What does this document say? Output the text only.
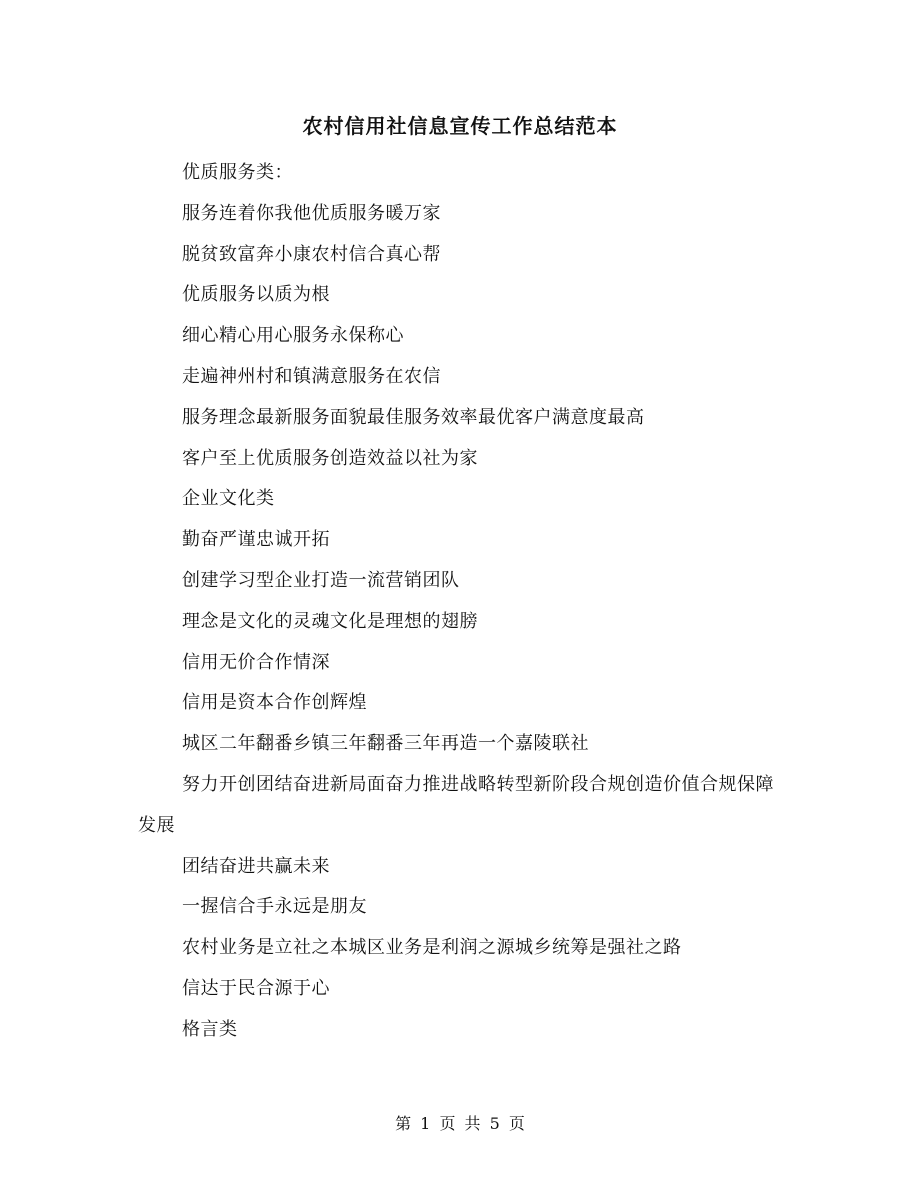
农村信用社信息宣传工作总结范本

优质服务类：

服务连着你我他优质服务暖万家

脱贫致富奔小康农村信合真心帮

优质服务以质为根

细心精心用心服务永保称心

走遍神州村和镇满意服务在农信

服务理念最新服务面貌最佳服务效率最优客户满意度最高

客户至上优质服务创造效益以社为家

企业文化类

勤奋严谨忠诚开拓

创建学习型企业打造一流营销团队

理念是文化的灵魂文化是理想的翅膀

信用无价合作情深

信用是资本合作创辉煌

城区二年翻番乡镇三年翻番三年再造一个嘉陵联社

努力开创团结奋进新局面奋力推进战略转型新阶段合规创造价值合规保障发展

团结奋进共赢未来

一握信合手永远是朋友

农村业务是立社之本城区业务是利润之源城乡统筹是强社之路

信达于民合源于心

格言类

第 1 页 共 5 页
